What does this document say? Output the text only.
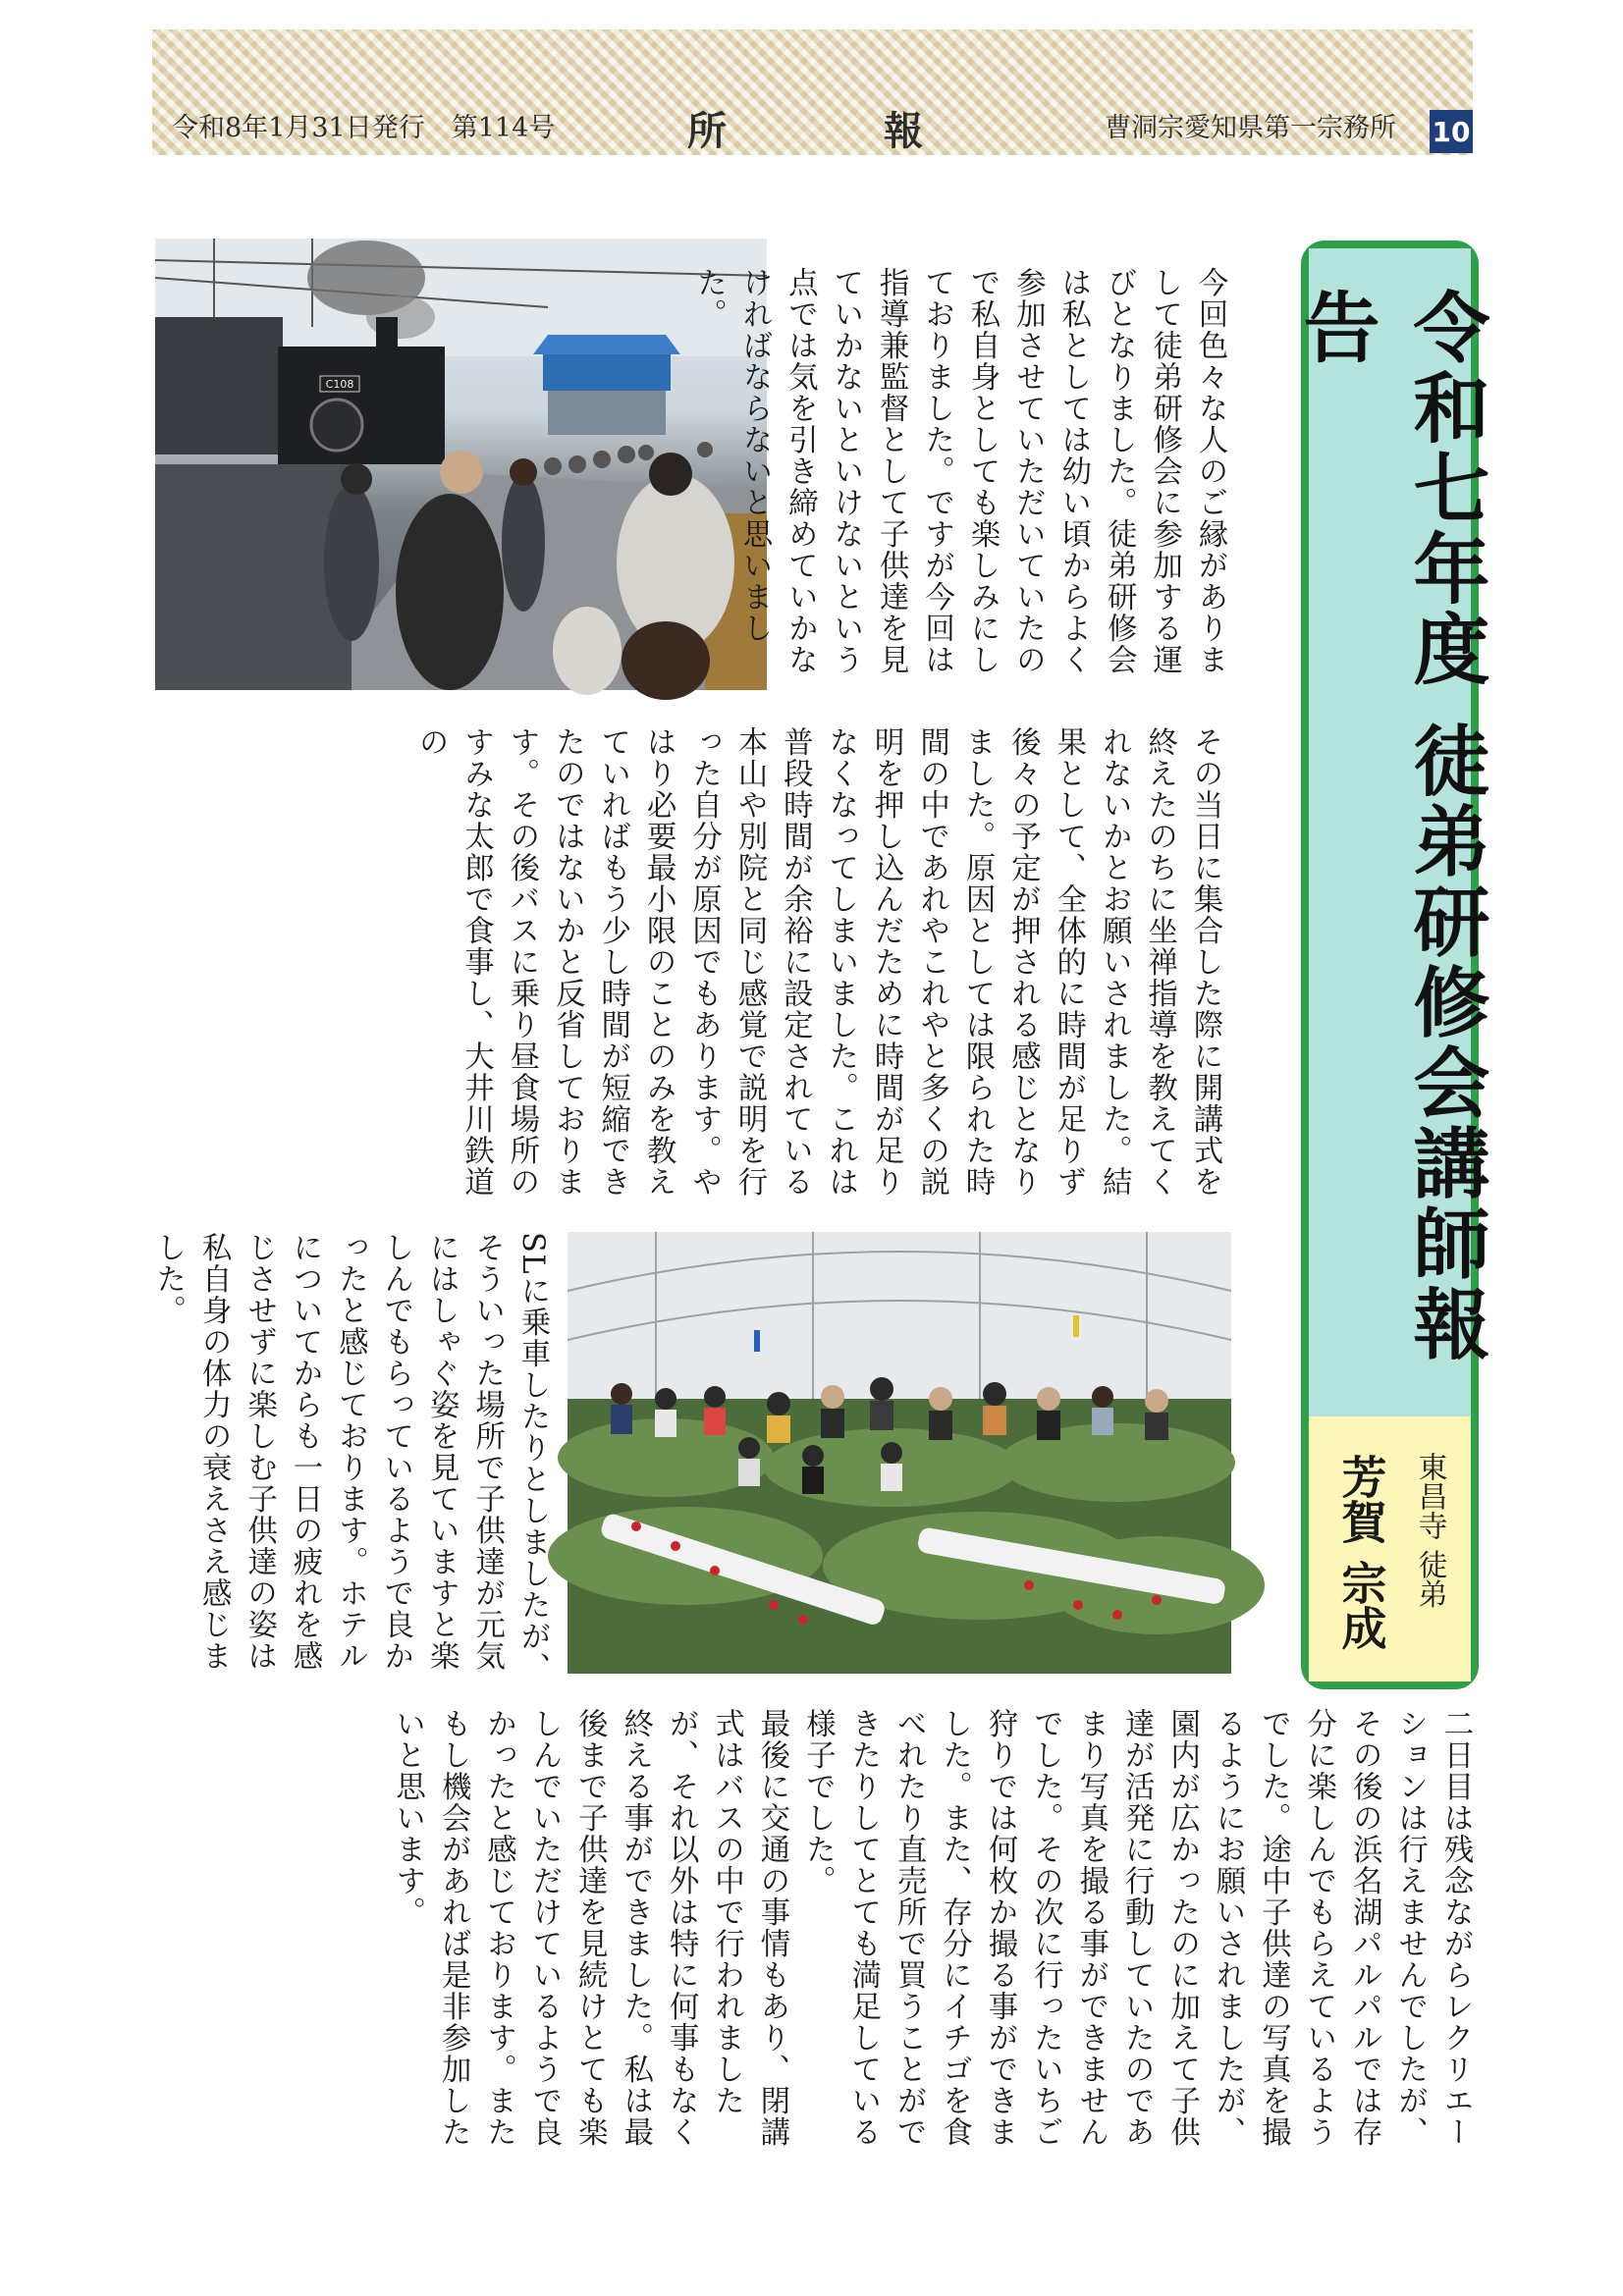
令和8年1月31日発行　第114号	所	報	曹洞宗愛知県第一宗務所 10
令和七年度 徒弟研修会講師報告
東昌寺 徒弟
芳賀 宗成
C108	今回色々な人のご縁がありまして徒弟研修会に参加する運びとなりました。徒弟研修会は私としては幼い頃からよく参加させていただいていたので私自身としても楽しみにしておりました。ですが今回は指導兼監督として子供達を見ていかないといけないという点では気を引き締めていかなければならないと思いました。

その当日に集合した際に開講式を終えたのちに坐禅指導を教えてくれないかとお願いされました。結果として、全体的に時間が足りず後々の予定が押される感じとなりました。原因としては限られた時間の中であれやこれやと多くの説明を押し込んだために時間が足りなくなってしまいました。これは普段時間が余裕に設定されている本山や別院と同じ感覚で説明を行った自分が原因でもあります。やはり必要最小限のことのみを教えていればもう少し時間が短縮できたのではないかと反省しております。その後バスに乗り昼食場所のすみな太郎で食事し、大井川鉄道の

SLに乗車したりとしましたが、そういった場所で子供達が元気にはしゃぐ姿を見ていますと楽しんでもらっているようで良かったと感じております。ホテルについてからも一日の疲れを感じさせずに楽しむ子供達の姿は私自身の体力の衰えさえ感じました。

二日目は残念ながらレクリエーションは行えませんでしたが、その後の浜名湖パルパルでは存分に楽しんでもらえているようでした。途中子供達の写真を撮るようにお願いされましたが、園内が広かったのに加えて子供達が活発に行動していたのであまり写真を撮る事ができませんでした。その次に行ったいちご狩りでは何枚か撮る事ができました。また、存分にイチゴを食べれたり直売所で買うことができたりしてとても満足している様子でした。

最後に交通の事情もあり、閉講式はバスの中で行われましたが、それ以外は特に何事もなく終える事ができました。私は最後まで子供達を見続けとても楽しんでいただけているようで良かったと感じております。またもし機会があれば是非参加したいと思います。
